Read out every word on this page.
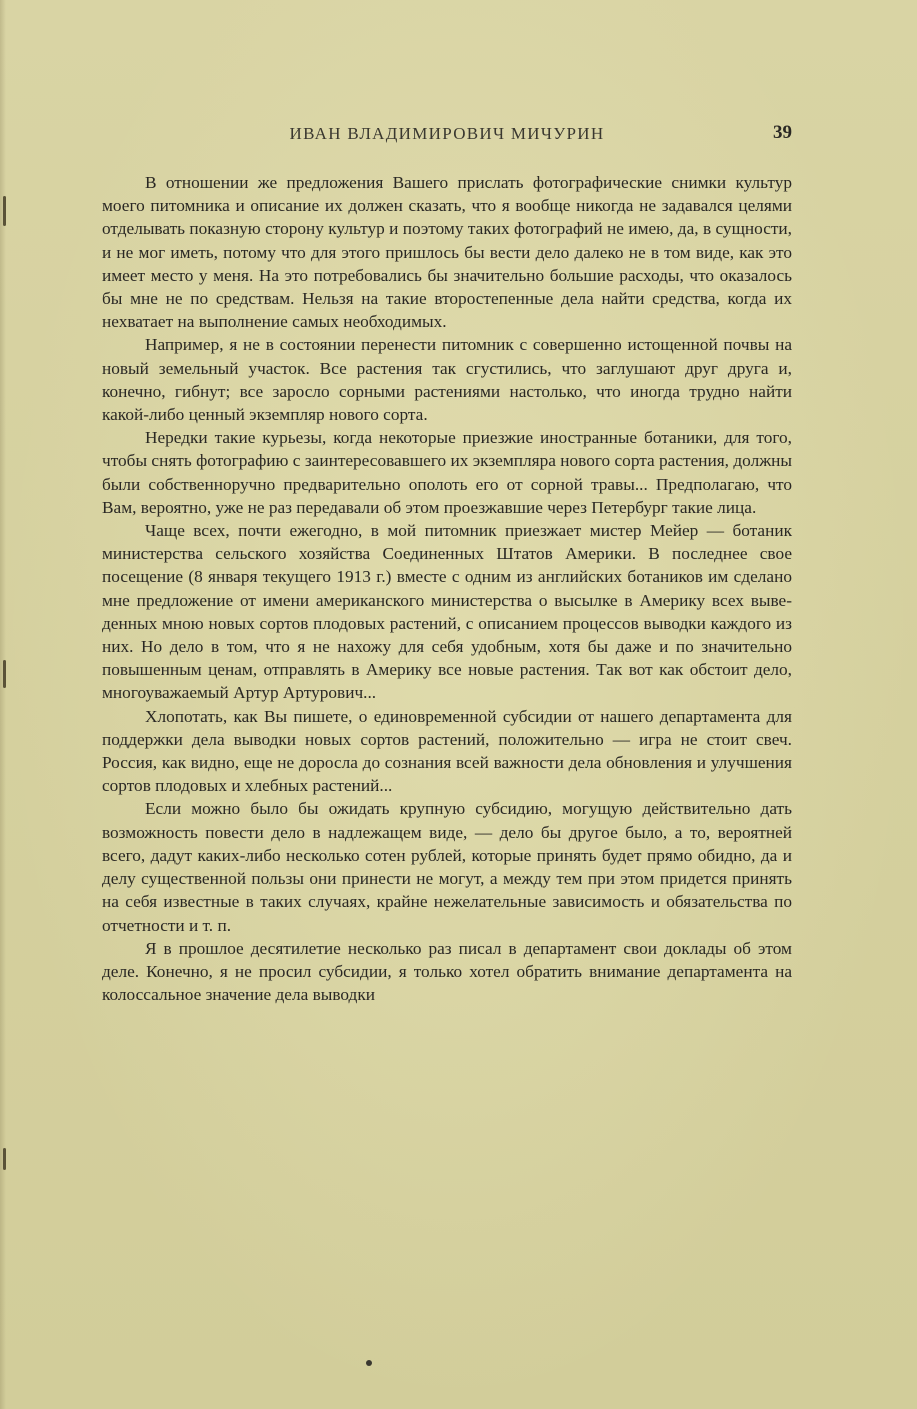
ИВАН ВЛАДИМИРОВИЧ МИЧУРИН	39

В отношении же предложения Вашего прислать фотографические снимки культур моего питомника и описание их должен сказать, что я вообще никогда не задавался целями отделывать показную сторону культур и поэтому таких фотографий не имею, да, в сущности, и не мог иметь, потому что для этого пришлось бы вести дело далеко не в том виде, как это имеет место у меня. На это потребовались бы значительно большие расходы, что оказалось бы мне не по средствам. Нельзя на такие второстепенные дела найти средства, когда их нехватает на выполнение самых необходимых.

Например, я не в состоянии перенести питомник с совершенно истощенной почвы на новый земельный участок. Все растения так сгустились, что заглушают друг друга и, конечно, гибнут; все заросло сорными растениями настолько, что иногда трудно найти какой-либо ценный экземпляр нового сорта.

Нередки такие курьезы, когда некоторые приезжие иностранные ботаники, для того, чтобы снять фотографию с заинтересовавшего их экземпляра нового сорта растения, должны были собственноручно предварительно ополоть его от сорной травы... Предполагаю, что Вам, вероятно, уже не раз передавали об этом проезжавшие через Петербург такие лица.

Чаще всех, почти ежегодно, в мой питомник приезжает мистер Мейер — ботаник министерства сельского хозяйства Соединенных Штатов Америки. В последнее свое посещение (8 января текущего 1913 г.) вместе с одним из английских ботаников им сделано мне предложение от имени американского министерства о высылке в Америку всех выведенных мною новых сортов плодовых растений, с описанием процессов выводки каждого из них. Но дело в том, что я не нахожу для себя удобным, хотя бы даже и по значительно повышенным ценам, отправлять в Америку все новые растения. Так вот как обстоит дело, многоуважаемый Артур Артурович...

Хлопотать, как Вы пишете, о единовременной субсидии от нашего департамента для поддержки дела выводки новых сортов растений, положительно — игра не стоит свеч. Россия, как видно, еще не доросла до сознания всей важности дела обновления и улучшения сортов плодовых и хлебных растений...

Если можно было бы ожидать крупную субсидию, могущую действительно дать возможность повести дело в надлежащем виде, — дело бы другое было, а то, вероятней всего, дадут каких-либо несколько сотен рублей, которые принять будет прямо обидно, да и делу существенной пользы они принести не могут, а между тем при этом придется принять на себя известные в таких случаях, крайне нежелательные зависимость и обязательства по отчетности и т. п.

Я в прошлое десятилетие несколько раз писал в департамент свои доклады об этом деле. Конечно, я не просил субсидии, я только хотел обратить внимание департамента на колоссальное значение дела выводки
